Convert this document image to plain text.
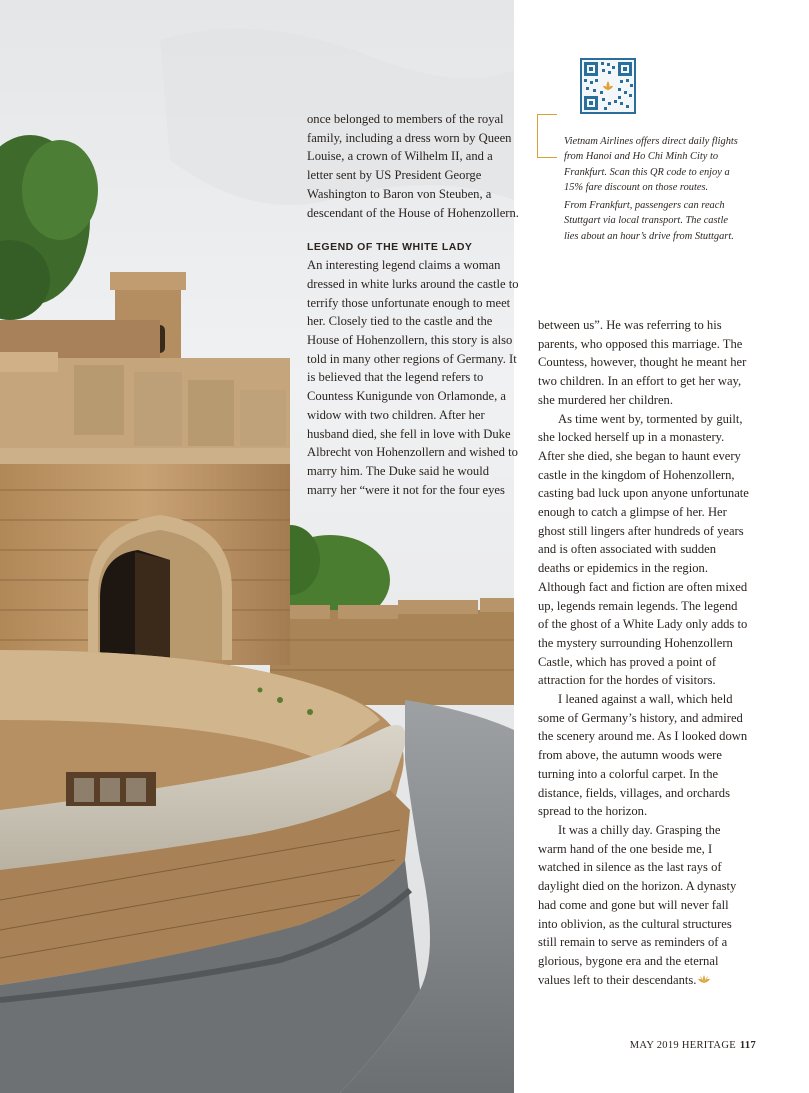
once belonged to members of the royal family, including a dress worn by Queen Louise, a crown of Wilhelm II, and a letter sent by US President George Washington to Baron von Steuben, a descendant of the House of Hohenzollern.

LEGEND OF THE WHITE LADY

An interesting legend claims a woman dressed in white lurks around the castle to terrify those unfortunate enough to meet her. Closely tied to the castle and the House of Hohenzollern, this story is also told in many other regions of Germany. It is believed that the legend refers to Countess Kunigunde von Orlamonde, a widow with two children. After her husband died, she fell in love with Duke Albrecht von Hohenzollern and wished to marry him. The Duke said he would marry her “were it not for the four eyes

Vietnam Airlines offers direct daily flights from Hanoi and Ho Chi Minh City to Frankfurt. Scan this QR code to enjoy a 15% fare discount on those routes.

From Frankfurt, passengers can reach Stuttgart via local transport. The castle lies about an hour’s drive from Stuttgart.

between us”. He was referring to his parents, who opposed this marriage. The Countess, however, thought he meant her two children. In an effort to get her way, she murdered her children.

As time went by, tormented by guilt, she locked herself up in a monastery. After she died, she began to haunt every castle in the kingdom of Hohenzollern, casting bad luck upon anyone unfortunate enough to catch a glimpse of her. Her ghost still lingers after hundreds of years and is often associated with sudden deaths or epidemics in the region. Although fact and fiction are often mixed up, legends remain legends. The legend of the ghost of a White Lady only adds to the mystery surrounding Hohenzollern Castle, which has proved a point of attraction for the hordes of visitors.

I leaned against a wall, which held some of Germany’s history, and admired the scenery around me. As I looked down from above, the autumn woods were turning into a colorful carpet. In the distance, fields, villages, and orchards spread to the horizon.

It was a chilly day. Grasping the warm hand of the one beside me, I watched in silence as the last rays of daylight died on the horizon. A dynasty had come and gone but will never fall into oblivion, as the cultural structures still remain to serve as reminders of a glorious, bygone era and the eternal values left to their descendants.

MAY 2019 HERITAGE 117
